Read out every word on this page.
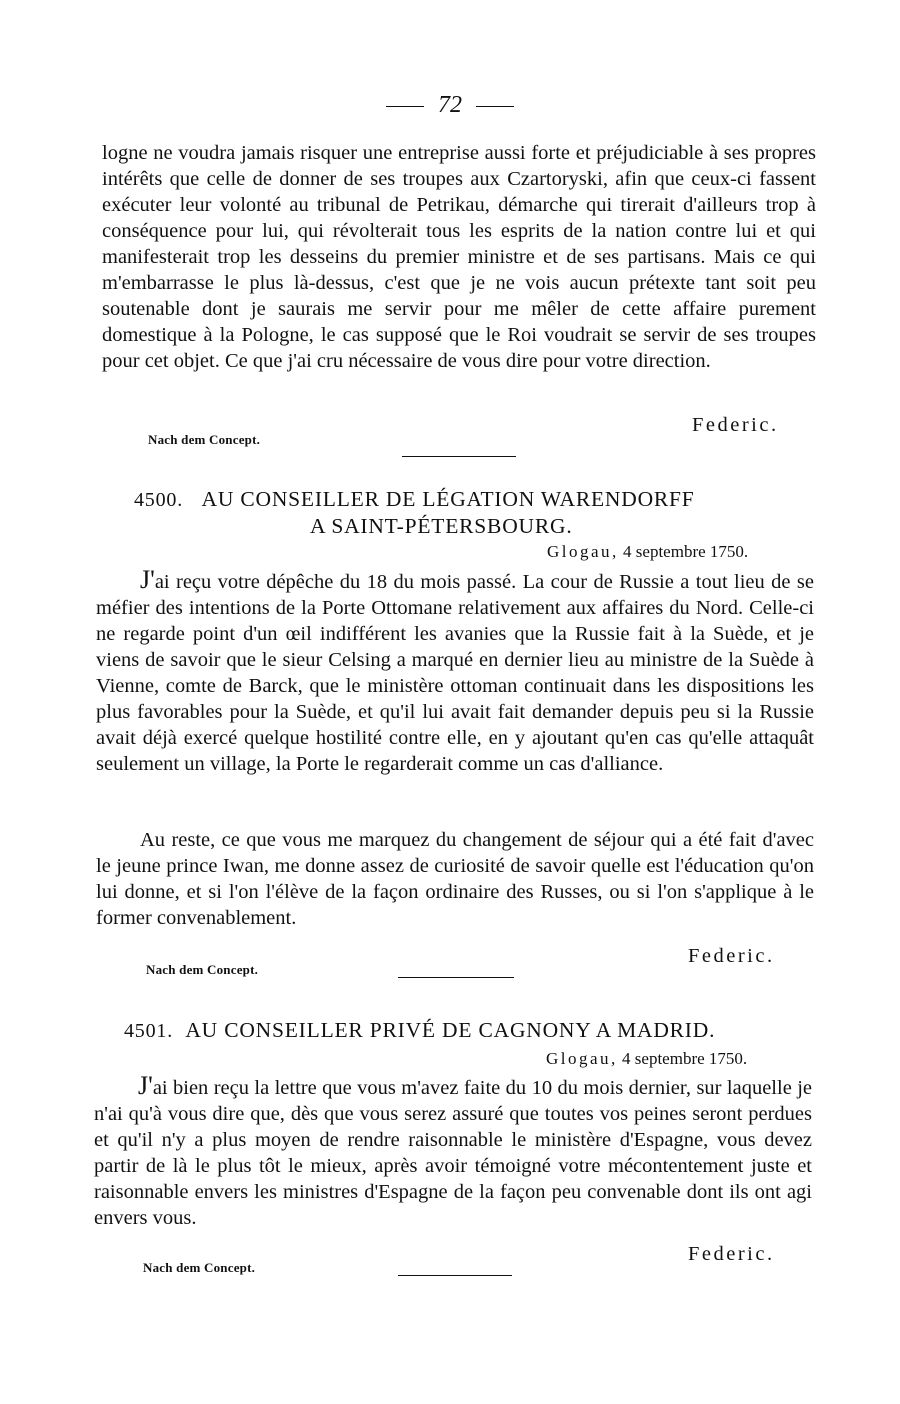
72

logne ne voudra jamais risquer une entreprise aussi forte et préjudiciable à ses propres intérêts que celle de donner de ses troupes aux Czartoryski, afin que ceux-ci fassent exécuter leur volonté au tribunal de Petrikau, démarche qui tirerait d'ailleurs trop à conséquence pour lui, qui révolterait tous les esprits de la nation contre lui et qui manifesterait trop les desseins du premier ministre et de ses partisans. Mais ce qui m'embarrasse le plus là-dessus, c'est que je ne vois aucun prétexte tant soit peu soutenable dont je saurais me servir pour me mêler de cette affaire purement domestique à la Pologne, le cas supposé que le Roi voudrait se servir de ses troupes pour cet objet. Ce que j'ai cru nécessaire de vous dire pour votre direction.

Federic.
Nach dem Concept.
4500. AU CONSEILLER DE LÉGATION WARENDORFF
A SAINT-PÉTERSBOURG.
Glogau, 4 septembre 1750.

J'ai reçu votre dépêche du 18 du mois passé. La cour de Russie a tout lieu de se méfier des intentions de la Porte Ottomane relativement aux affaires du Nord. Celle-ci ne regarde point d'un œil indifférent les avanies que la Russie fait à la Suède, et je viens de savoir que le sieur Celsing a marqué en dernier lieu au ministre de la Suède à Vienne, comte de Barck, que le ministère ottoman continuait dans les dispositions les plus favorables pour la Suède, et qu'il lui avait fait demander depuis peu si la Russie avait déjà exercé quelque hostilité contre elle, en y ajoutant qu'en cas qu'elle attaquât seulement un village, la Porte le regarderait comme un cas d'alliance.

Au reste, ce que vous me marquez du changement de séjour qui a été fait d'avec le jeune prince Iwan, me donne assez de curiosité de savoir quelle est l'éducation qu'on lui donne, et si l'on l'élève de la façon ordinaire des Russes, ou si l'on s'applique à le former convenablement.

Federic.
Nach dem Concept.
4501. AU CONSEILLER PRIVÉ DE CAGNONY A MADRID.
Glogau, 4 septembre 1750.

J'ai bien reçu la lettre que vous m'avez faite du 10 du mois dernier, sur laquelle je n'ai qu'à vous dire que, dès que vous serez assuré que toutes vos peines seront perdues et qu'il n'y a plus moyen de rendre raisonnable le ministère d'Espagne, vous devez partir de là le plus tôt le mieux, après avoir témoigné votre mécontentement juste et raisonnable envers les ministres d'Espagne de la façon peu convenable dont ils ont agi envers vous.

Federic.
Nach dem Concept.
